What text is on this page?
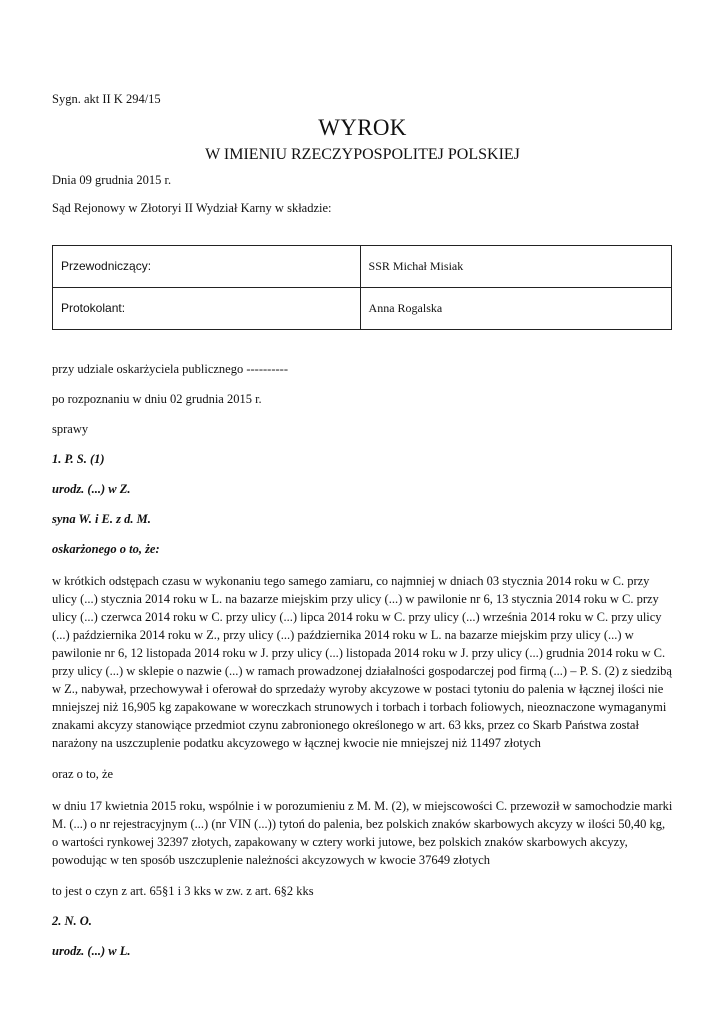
Sygn. akt II K 294/15
WYROK
W IMIENIU RZECZYPOSPOLITEJ POLSKIEJ
Dnia 09 grudnia 2015 r.
Sąd Rejonowy w Złotoryi II Wydział Karny w składzie:
Przewodniczący:	SSR Michał Misiak
Protokolant:	Anna Rogalska

przy udziale oskarżyciela publicznego ----------

po rozpoznaniu w dniu 02 grudnia 2015 r.

sprawy

1. P. S. (1)

urodz. (...) w Z.

syna W. i E. z d. M.

oskarżonego o to, że:

w krótkich odstępach czasu w wykonaniu tego samego zamiaru, co najmniej w dniach 03 stycznia 2014 roku w C. przy ulicy (...) stycznia 2014 roku w L. na bazarze miejskim przy ulicy (...) w pawilonie nr 6, 13 stycznia 2014 roku w C. przy ulicy (...) czerwca 2014 roku w C. przy ulicy (...) lipca 2014 roku w C. przy ulicy (...) września 2014 roku w C. przy ulicy (...) października 2014 roku w Z., przy ulicy (...) października 2014 roku w L. na bazarze miejskim przy ulicy (...) w pawilonie nr 6, 12 listopada 2014 roku w J. przy ulicy (...) listopada 2014 roku w J. przy ulicy (...) grudnia 2014 roku w C. przy ulicy (...) w sklepie o nazwie (...) w ramach prowadzonej działalności gospodarczej pod firmą (...) – P. S. (2) z siedzibą w Z., nabywał, przechowywał i oferował do sprzedaży wyroby akcyzowe w postaci tytoniu do palenia w łącznej ilości nie mniejszej niż 16,905 kg zapakowane w woreczkach strunowych i torbach i torbach foliowych, nieoznaczone wymaganymi znakami akcyzy stanowiące przedmiot czynu zabronionego określonego w art. 63 kks, przez co Skarb Państwa został narażony na uszczuplenie podatku akcyzowego w łącznej kwocie nie mniejszej niż 11497 złotych

oraz o to, że

w dniu 17 kwietnia 2015 roku, wspólnie i w porozumieniu z M. M. (2), w miejscowości C. przewoził w samochodzie marki M. (...) o nr rejestracyjnym (...) (nr VIN (...)) tytoń do palenia, bez polskich znaków skarbowych akcyzy w ilości 50,40 kg, o wartości rynkowej 32397 złotych, zapakowany w cztery worki jutowe, bez polskich znaków skarbowych akcyzy, powodując w ten sposób uszczuplenie należności akcyzowych w kwocie 37649 złotych

to jest o czyn z art. 65§1 i 3 kks w zw. z art. 6§2 kks

2. N. O.

urodz. (...) w L.
